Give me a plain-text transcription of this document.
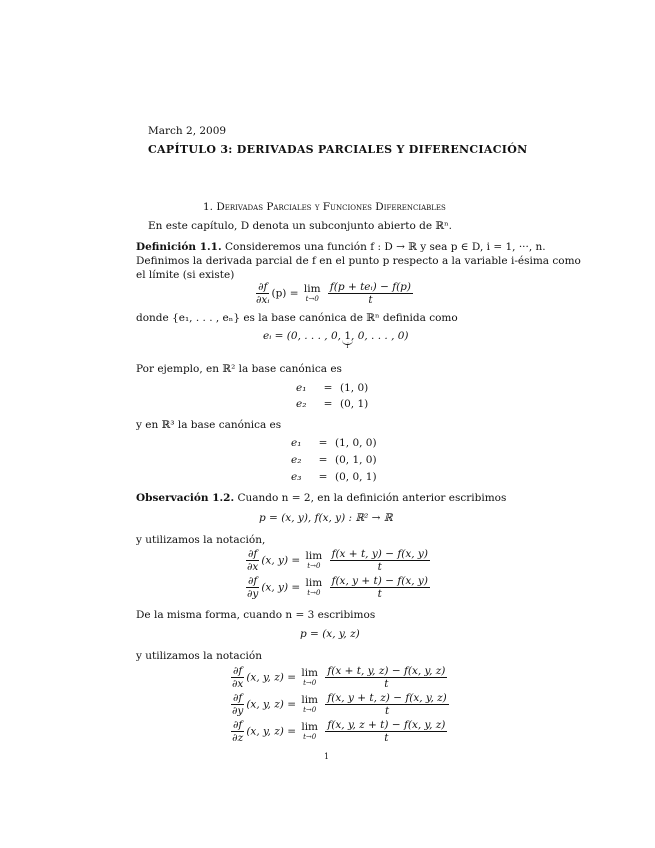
March 2, 2009
CAPÍTULO 3: DERIVADAS PARCIALES Y DIFERENCIACIÓN
1. Derivadas Parciales y Funciones Diferenciables
En este capítulo, D denota un subconjunto abierto de ℝⁿ.
Definición 1.1. Consideremos una función f : D → ℝ y sea p ∈ D, i = 1, ···, n.
Definimos la derivada parcial de f en el punto p respecto a la variable i-ésima como
el límite (si existe)
$\frac{\partial f}{\text{∂xᵢ}} (p) = \lim$
t→0
$\frac{\text{f(p + teᵢ) − f(p)}}{t}$
donde {e₁, . . . , eₙ} es la base canónica de ℝⁿ definida como
eᵢ = (0, . . . , 0, 1
i
, 0, . . . , 0)
Por ejemplo, en ℝ² la base canónica es
e₁ = (1, 0)
e₂ = (0, 1)
y en ℝ³ la base canónica es
e₁ = (1, 0, 0)
e₂ = (0, 1, 0)
e₃ = (0, 0, 1)
Observación 1.2. Cuando n = 2, en la definición anterior escribimos
p = (x, y), f(x, y) : ℝ² → ℝ
y utilizamos la notación,
$\frac{\partial f}{\partial x} (x$, y) = lim
t→0
$\frac{f(x + t, y) - f(x, y)}{t}$
$\frac{\partial f}{\partial y} (x$, y) = lim
t→0
$\frac{f(x, y + t) - f(x, y)}{t}$
De la misma forma, cuando n = 3 escribimos
p = (x, y, z)
y utilizamos la notación
$\frac{\partial f}{\partial x} (x$, y, z) = lim
t→0
$\frac{f(x + t, y, z) - f(x, y, z)}{t}$
$\frac{\partial f}{\partial y} (x$, y, z) = lim
t→0
$\frac{f(x, y + t, z) - f(x, y, z)}{t}$
$\frac{\partial f}{\partial z} (x$, y, z) = lim
t→0
$\frac{f(x, y, z + t) - f(x, y, z)}{t}$
1
